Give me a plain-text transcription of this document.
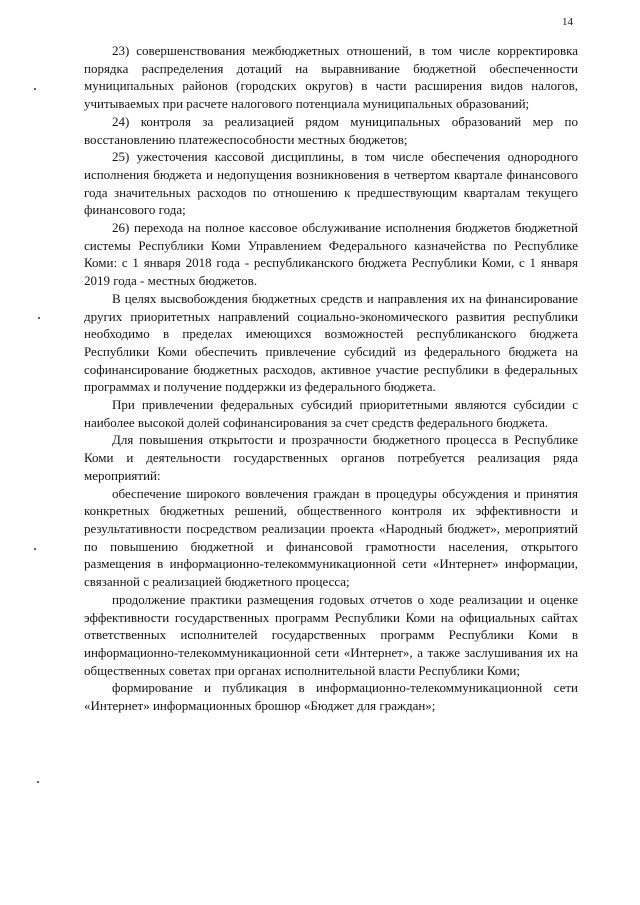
14

23) совершенствования межбюджетных отношений, в том числе корректировка порядка распределения дотаций на выравнивание бюджетной обеспеченности муниципальных районов (городских округов) в части расширения видов налогов, учитываемых при расчете налогового потенциала муниципальных образований;

24) контроля за реализацией рядом муниципальных образований мер по восстановлению платежеспособности местных бюджетов;

25) ужесточения кассовой дисциплины, в том числе обеспечения однородного исполнения бюджета и недопущения возникновения в четвертом квартале финансового года значительных расходов по отношению к предшествующим кварталам текущего финансового года;

26) перехода на полное кассовое обслуживание исполнения бюджетов бюджетной системы Республики Коми Управлением Федерального казначейства по Республике Коми: с 1 января 2018 года - республиканского бюджета Республики Коми, с 1 января 2019 года - местных бюджетов.

В целях высвобождения бюджетных средств и направления их на финансирование других приоритетных направлений социально-экономического развития республики необходимо в пределах имеющихся возможностей республиканского бюджета Республики Коми обеспечить привлечение субсидий из федерального бюджета на софинансирование бюджетных расходов, активное участие республики в федеральных программах и получение поддержки из федерального бюджета.

При привлечении федеральных субсидий приоритетными являются субсидии с наиболее высокой долей софинансирования за счет средств федерального бюджета.

Для повышения открытости и прозрачности бюджетного процесса в Республике Коми и деятельности государственных органов потребуется реализация ряда мероприятий:

обеспечение широкого вовлечения граждан в процедуры обсуждения и принятия конкретных бюджетных решений, общественного контроля их эффективности и результативности посредством реализации проекта «Народный бюджет», мероприятий по повышению бюджетной и финансовой грамотности населения, открытого размещения в информационно-телекоммуникационной сети «Интернет» информации, связанной с реализацией бюджетного процесса;

продолжение практики размещения годовых отчетов о ходе реализации и оценке эффективности государственных программ Республики Коми на официальных сайтах ответственных исполнителей государственных программ Республики Коми в информационно-телекоммуникационной сети «Интернет», а также заслушивания их на общественных советах при органах исполнительной власти Республики Коми;

формирование и публикация в информационно-телекоммуникационной сети «Интернет» информационных брошюр «Бюджет для граждан»;
